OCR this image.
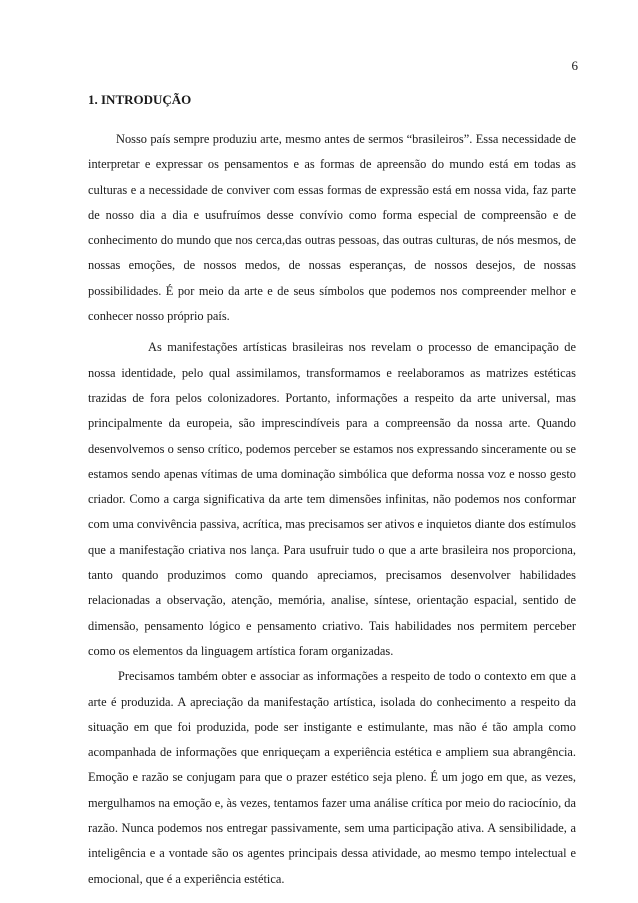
6
1. INTRODUÇÃO

Nosso país sempre produziu arte, mesmo antes de sermos “brasileiros”. Essa necessidade de interpretar e expressar os pensamentos e as formas de apreensão do mundo está em todas as culturas e a necessidade de conviver com essas formas de expressão está em nossa vida, faz parte de nosso dia a dia e usufruímos desse convívio como forma especial de compreensão e de conhecimento do mundo que nos cerca,das outras pessoas, das outras culturas, de nós mesmos, de nossas emoções, de nossos medos, de nossas esperanças, de nossos desejos, de nossas possibilidades. É por meio da arte e de seus símbolos que podemos nos compreender melhor e conhecer nosso próprio país.

As manifestações artísticas brasileiras nos revelam o processo de emancipação de nossa identidade, pelo qual assimilamos, transformamos e reelaboramos as matrizes estéticas trazidas de fora pelos colonizadores. Portanto, informações a respeito da arte universal, mas principalmente da europeia, são imprescindíveis para a compreensão da nossa arte. Quando desenvolvemos o senso crítico, podemos perceber se estamos nos expressando sinceramente ou se estamos sendo apenas vítimas de uma dominação simbólica que deforma nossa voz e nosso gesto criador. Como a carga significativa da arte tem dimensões infinitas, não podemos nos conformar com uma convivência passiva, acrítica, mas precisamos ser ativos e inquietos diante dos estímulos que a manifestação criativa nos lança. Para usufruir tudo o que a arte brasileira nos proporciona, tanto quando produzimos como quando apreciamos, precisamos desenvolver habilidades relacionadas a observação, atenção, memória, analise, síntese, orientação espacial, sentido de dimensão, pensamento lógico e pensamento criativo. Tais habilidades nos permitem perceber como os elementos da linguagem artística foram organizadas.

Precisamos também obter e associar as informações a respeito de todo o contexto em que a arte é produzida. A apreciação da manifestação artística, isolada do conhecimento a respeito da situação em que foi produzida, pode ser instigante e estimulante, mas não é tão ampla como acompanhada de informações que enriqueçam a experiência estética e ampliem sua abrangência. Emoção e razão se conjugam para que o prazer estético seja pleno. É um jogo em que, as vezes, mergulhamos na emoção e, às vezes, tentamos fazer uma análise crítica por meio do raciocínio, da razão. Nunca podemos nos entregar passivamente, sem uma participação ativa. A sensibilidade, a inteligência e a vontade são os agentes principais dessa atividade, ao mesmo tempo intelectual e emocional, que é a experiência estética.
